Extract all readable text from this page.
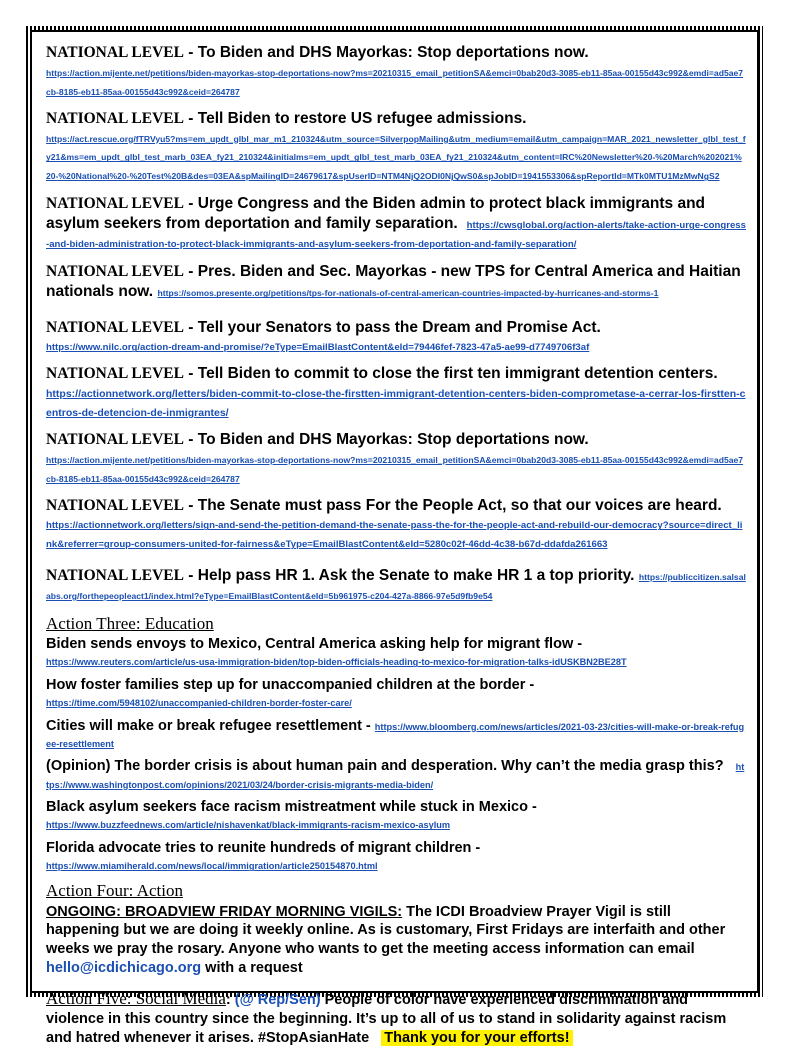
NATIONAL LEVEL - To Biden and DHS Mayorkas: Stop deportations now.
https://action.mijente.net/petitions/biden-mayorkas-stop-deportations-now?ms=20210315_email_petitionSA&emci=0bab20d3-3085-eb11-85aa-00155d43c992&emdi=ad5ae7cb-8185-eb11-85aa-00155d43c992&ceid=264787
NATIONAL LEVEL - Tell Biden to restore US refugee admissions.
https://act.rescue.org/fTRVyu5?ms=em_updt_glbl_mar_m1_210324&utm_source=SilverpopMailing&utm_medium=email&utm_campaign=MAR_2021_newsletter_glbl_test_fy21&ms=em_updt_glbl_test_marb_03EA_fy21_210324&initialms=em_updt_glbl_test_marb_03EA_fy21_210324&utm_content=IRC%20Newsletter%20-%20March%202021%20-%20National%20-%20Test%20B&des=03EA&spMailingID=24679617&spUserID=NTM4NjQ2ODI0NjQwS0&spJobID=1941553306&spReportId=MTk0MTU1MzMwNgS2
NATIONAL LEVEL - Urge Congress and the Biden admin to protect black immigrants and asylum seekers from deportation and family separation. https://cwsglobal.org/action-alerts/take-action-urge-congress-and-biden-administration-to-protect-black-immigrants-and-asylum-seekers-from-deportation-and-family-separation/
NATIONAL LEVEL - Pres. Biden and Sec. Mayorkas - new TPS for Central America and Haitian nationals now. https://somos.presente.org/petitions/tps-for-nationals-of-central-american-countries-impacted-by-hurricanes-and-storms-1
NATIONAL LEVEL - Tell your Senators to pass the Dream and Promise Act.
https://www.nilc.org/action-dream-and-promise/?eType=EmailBlastContent&eId=79446fef-7823-47a5-ae99-d7749706f3af
NATIONAL LEVEL - Tell Biden to commit to close the first ten immigrant detention centers.
https://actionnetwork.org/letters/biden-commit-to-close-the-firstten-immigrant-detention-centers-biden-comprometase-a-cerrar-los-firstten-centros-de-detencion-de-inmigrantes/
NATIONAL LEVEL - To Biden and DHS Mayorkas: Stop deportations now.
https://action.mijente.net/petitions/biden-mayorkas-stop-deportations-now?ms=20210315_email_petitionSA&emci=0bab20d3-3085-eb11-85aa-00155d43c992&emdi=ad5ae7cb-8185-eb11-85aa-00155d43c992&ceid=264787
NATIONAL LEVEL - The Senate must pass For the People Act, so that our voices are heard.
https://actionnetwork.org/letters/sign-and-send-the-petition-demand-the-senate-pass-the-for-the-people-act-and-rebuild-our-democracy?source=direct_link&referrer=group-consumers-united-for-fairness&eType=EmailBlastContent&eId=5280c02f-46dd-4c38-b67d-ddafda261663
NATIONAL LEVEL - Help pass HR 1. Ask the Senate to make HR 1 a top priority. https://publiccitizen.salsalabs.org/forthepeopleact1/index.html?eType=EmailBlastContent&eId=5b961975-c204-427a-8866-97e5d9fb9e54
Action Three: Education
Biden sends envoys to Mexico, Central America asking help for migrant flow -
https://www.reuters.com/article/us-usa-immigration-biden/top-biden-officials-heading-to-mexico-for-migration-talks-idUSKBN2BE28T
How foster families step up for unaccompanied children at the border -
https://time.com/5948102/unaccompanied-children-border-foster-care/
Cities will make or break refugee resettlement - https://www.bloomberg.com/news/articles/2021-03-23/cities-will-make-or-break-refugee-resettlement
(Opinion) The border crisis is about human pain and desperation. Why can’t the media grasp this? https://www.washingtonpost.com/opinions/2021/03/24/border-crisis-migrants-media-biden/
Black asylum seekers face racism mistreatment while stuck in Mexico -
https://www.buzzfeednews.com/article/nishavenkat/black-immigrants-racism-mexico-asylum
Florida advocate tries to reunite hundreds of migrant children -
https://www.miamiherald.com/news/local/immigration/article250154870.html
Action Four: Action
ONGOING: BROADVIEW FRIDAY MORNING VIGILS: The ICDI Broadview Prayer Vigil is still happening but we are doing it weekly online. As is customary, First Fridays are interfaith and other weeks we pray the rosary. Anyone who wants to get the meeting access information can email hello@icdichicago.org with a request
Action Five: Social Media: (@ Rep/Sen) People of color have experienced discrimination and violence in this country since the beginning. It’s up to all of us to stand in solidarity against racism and hatred whenever it arises. #StopAsianHate Thank you for your efforts!
